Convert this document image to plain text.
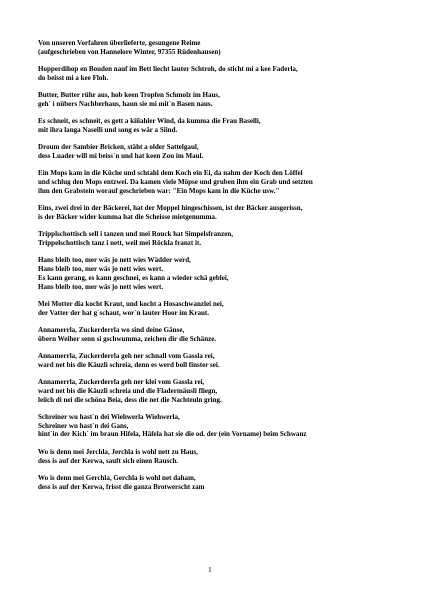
Von unseren Vorfahren überlieferte, gesungene Reime
(aufgeschrieben von Hannelore Winter, 97355 Rüdenhausen)
Hopperdihop en Bouden nauf im Bett liecht lauter Schtroh, do sticht mi a kee Faderla,
do beisst mi a kee Floh.
Butter, Butter rühr aus, hob keen Tropfen Schmolz im Haus,
geh´ i nübers Nachberhaus, haun sie mi mit´n Basen naus.
Es schneit, es schneit, es gett a kiiiahler Wind, da kumma die Frau Baselli,
mit ihra langa Naselli und song es wär a Siind.
Droum der Sambier Bricken, stäht a older Sattelgaul,
dess Luader will mi beiss´n und hat keen Zou im Maul.
Ein Mops kam in die Küche und schtahl dem Koch ein Ei, da nahm der Koch den Löffel
und schlug den Mops entzwei. Da kamen viele Möpse und gruben ihm ein Grab und setzten
ihm den Grabstein worauf geschrieben war: "Ein Mops kam in die Küche usw."
Eins, zwei drei in der Bäckerei, hat der Moppel hingeschissen, ist der Bäcker ausgerissn,
is der Bäcker wider kumma hat die Scheisse mietgenumma.
Tripplschottisch sell i tanzen und mei Rouck hat Simpelsfranzen,
Trippelschottisch tanz i nett, weil mei Röckla franzt it.
Hans bleib too, mer wäs jo nett wies Wädder werd,
Hans bleib too, mer wäs jo nett wies wert.
Es kann gerang, es kann geschnei, es kann a wieder schä geblei,
Hans bleib too, mer wäs jo nett wies wert.
Mei Motter dia kocht Kraut, und kocht a Hosaschwanzlei nei,
der Vatter der hat g´schaut, wor´n lauter Hoor im Kraut.
Annamerrla, Zuckerderrla wo sind deine Gänse,
übern Weiher senn si gschwumma, zeichen dir die Schänze.
Annamerrla, Zuckerderrla geh ner schnall vom Gassla rei,
ward net bis die Käuzli schreia, denn es werd boll finster sei.
Annamerrla, Zuckerderrla geh ner klei vom Gassla rei,
ward net bis die Käuzli schreia und die Fladermäusli fliegn,
leiich di nei die schöna Beia, dess die net die Nachteuln gring.
Schreiner wu hast´n dei Wiehwerla Wiehwerla,
Schreiner wu hast´n dei Gans,
hint´in der Kich´ im braun Hifela, Häfela hat sie die od. der (ein Vorname) beim Schwanz
Wo is denn mei Jerchla, Jerchla is wohl nett zu Haus,
dess is auf der Kerwa, sauft sich einen Rausch.
Wo is denn mei Gerchla, Gerchla is wohl net daham,
dess is auf der Kerwa, frisst die ganza Brotwerscht zam
1
